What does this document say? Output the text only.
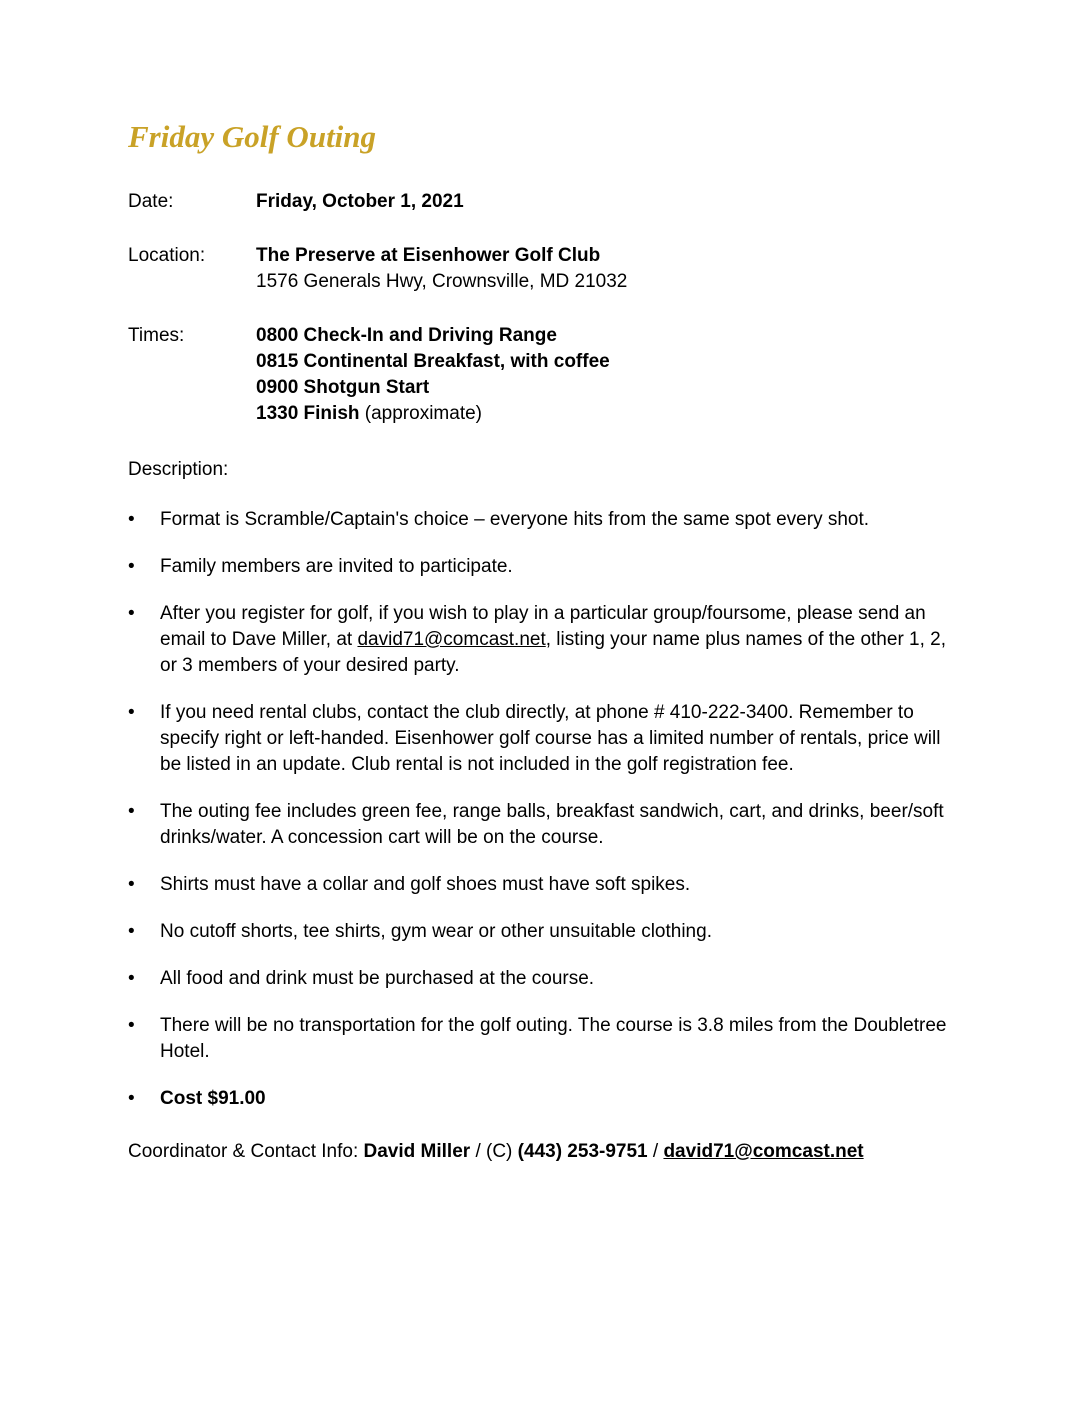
Friday Golf Outing
Date:	Friday, October 1, 2021
Location:	The Preserve at Eisenhower Golf Club
1576 Generals Hwy, Crownsville, MD 21032
Times:	0800 Check-In and Driving Range
0815 Continental Breakfast, with coffee
0900 Shotgun Start
1330 Finish (approximate)
Description:
•	Format is Scramble/Captain's choice – everyone hits from the same spot every shot.
•	Family members are invited to participate.
•	After you register for golf, if you wish to play in a particular group/foursome, please send an email to Dave Miller, at david71@comcast.net, listing your name plus names of the other 1, 2, or 3 members of your desired party.
•	If you need rental clubs, contact the club directly, at phone # 410-222-3400. Remember to specify right or left-handed. Eisenhower golf course has a limited number of rentals, price will be listed in an update. Club rental is not included in the golf registration fee.
•	The outing fee includes green fee, range balls, breakfast sandwich, cart, and drinks, beer/soft drinks/water. A concession cart will be on the course.
•	Shirts must have a collar and golf shoes must have soft spikes.
•	No cutoff shorts, tee shirts, gym wear or other unsuitable clothing.
•	All food and drink must be purchased at the course.
•	There will be no transportation for the golf outing. The course is 3.8 miles from the Doubletree Hotel.
•	Cost $91.00
Coordinator & Contact Info: David Miller / (C) (443) 253-9751 / david71@comcast.net
